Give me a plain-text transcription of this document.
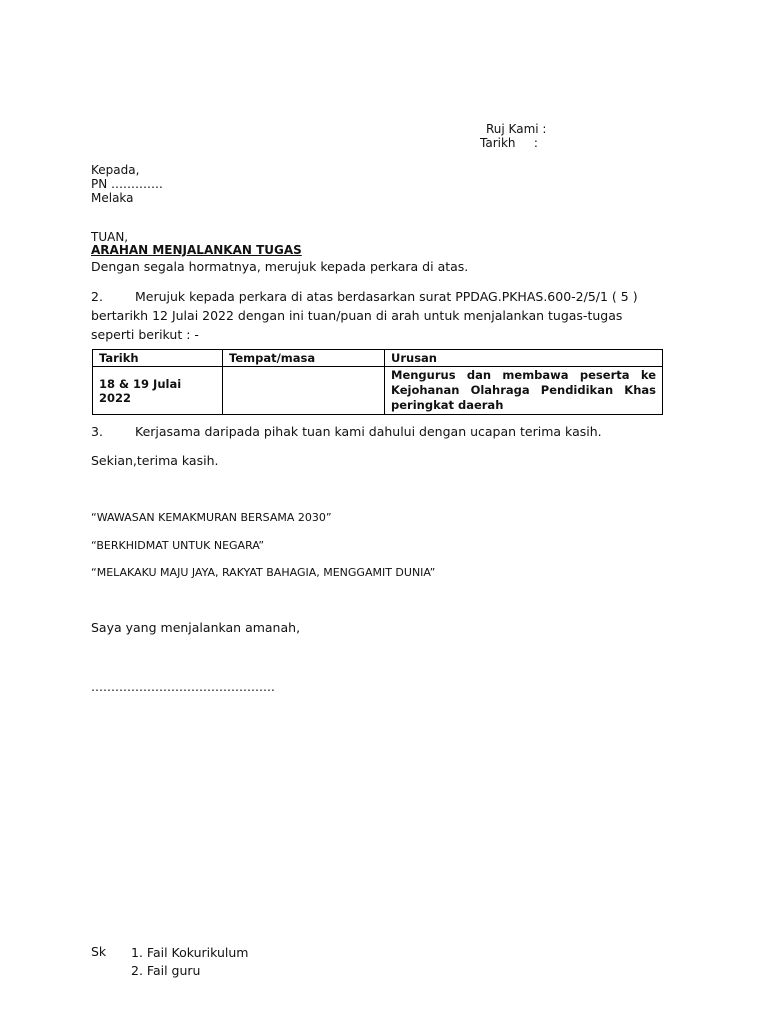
Ruj Kami :
Tarikh :
Kepada,
PN ………….
Melaka
TUAN,
ARAHAN MENJALANKAN TUGAS
Dengan segala hormatnya, merujuk kepada perkara di atas.
2.	Merujuk kepada perkara di atas berdasarkan surat PPDAG.PKHAS.600-2/5/1 ( 5 ) bertarikh 12 Julai 2022 dengan ini tuan/puan di arah untuk menjalankan tugas-tugas seperti berikut : -
Tarikh	Tempat/masa	Urusan
18 & 19 Julai 2022		Mengurus dan membawa peserta ke Kejohanan Olahraga Pendidikan Khas peringkat daerah
3.	Kerjasama daripada pihak tuan kami dahului dengan ucapan terima kasih.
Sekian,terima kasih.
“WAWASAN KEMAKMURAN BERSAMA 2030”
“BERKHIDMAT UNTUK NEGARA”
“MELAKAKU MAJU JAYA, RAKYAT BAHAGIA, MENGGAMIT DUNIA”
Saya yang menjalankan amanah,
……………………………………….
Sk 1. Fail Kokurikulum
2. Fail guru
